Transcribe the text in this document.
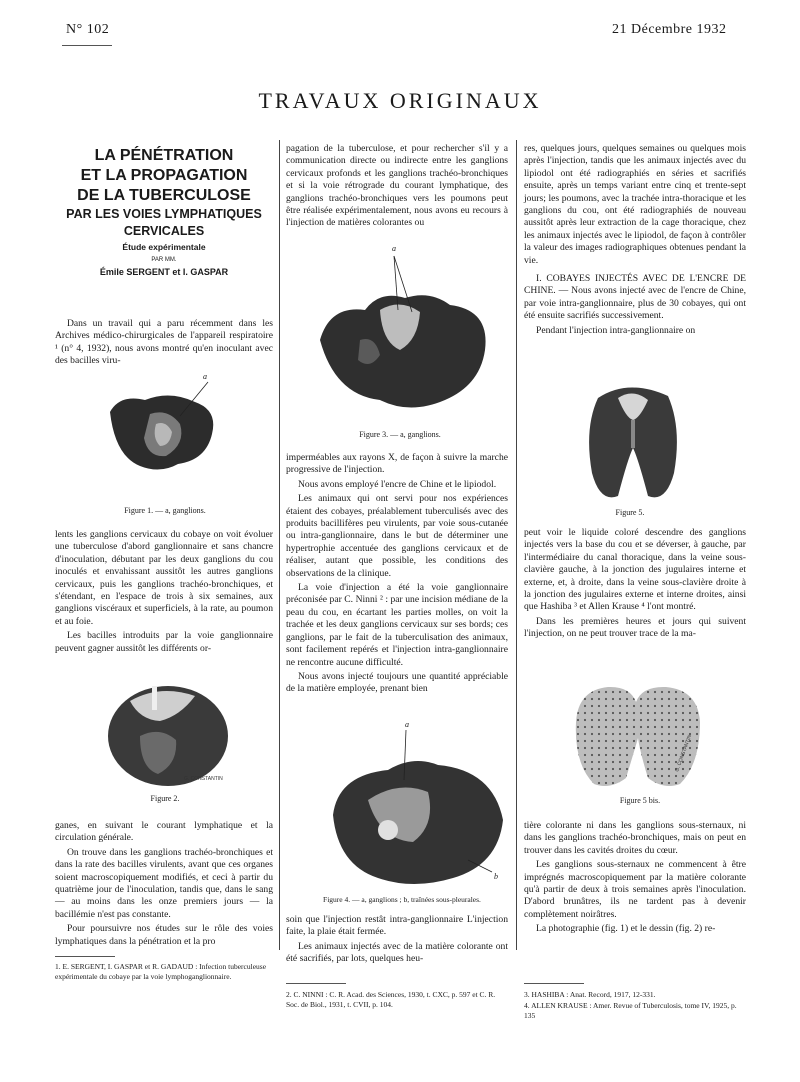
N° 102	21 Décembre 1932
TRAVAUX ORIGINAUX
LA PÉNÉTRATION
ET LA PROPAGATION
DE LA TUBERCULOSE
PAR LES VOIES LYMPHATIQUES
CERVICALES
Étude expérimentale
PAR MM.
Émile SERGENT et I. GASPAR

Dans un travail qui a paru récemment dans les Archives médico-chirurgicales de l'appareil respiratoire ¹ (n° 4, 1932), nous avons montré qu'en inoculant avec des bacilles viru-

a
Figure 1. — a, ganglions.

lents les ganglions cervicaux du cobaye on voit évoluer une tuberculose d'abord ganglionnaire et sans chancre d'inoculation, débutant par les deux ganglions du cou inoculés et envahissant aussitôt les autres ganglions cervicaux, puis les ganglions trachéo-bronchiques, et s'étendant, en l'espace de trois à six semaines, aux ganglions viscéraux et superficiels, à la rate, au poumon et au foie.

Les bacilles introduits par la voie ganglionnaire peuvent gagner aussitôt les différents or-

G. CONSTANTIN
Figure 2.

ganes, en suivant le courant lymphatique et la circulation générale.

On trouve dans les ganglions trachéo-bronchiques et dans la rate des bacilles virulents, avant que ces organes soient macroscopiquement modifiés, et ceci à partir du quatrième jour de l'inoculation, tandis que, dans le sang — au moins dans les onze premiers jours — la bacillémie n'est pas constante.

Pour poursuivre nos études sur le rôle des voies lymphatiques dans la pénétration et la pro

1. E. SERGENT, I. GASPAR et R. GADAUD : Infection tuberculeuse expérimentale du cobaye par la voie lymphoganglionnaire.

pagation de la tuberculose, et pour rechercher s'il y a communication directe ou indirecte entre les ganglions cervicaux profonds et les ganglions trachéo-bronchiques et si la voie rétrograde du courant lymphatique, des ganglions trachéo-bronchiques vers les poumons peut être réalisée expérimentalement, nous avons eu recours à l'injection de matières colorantes ou

a
Figure 3. — a, ganglions.

imperméables aux rayons X, de façon à suivre la marche progressive de l'injection.

Nous avons employé l'encre de Chine et le lipiodol.

Les animaux qui ont servi pour nos expériences étaient des cobayes, préalablement tuberculisés avec des produits bacillifères peu virulents, par voie sous-cutanée ou intra-ganglionnaire, dans le but de déterminer une hypertrophie accentuée des ganglions cervicaux et de réaliser, autant que possible, les conditions des observations de la clinique.

La voie d'injection a été la voie ganglionnaire préconisée par C. Ninni ² : par une incision médiane de la peau du cou, en écartant les parties molles, on voit la trachée et les deux ganglions cervicaux sur ses bords; ces ganglions, par le fait de la tuberculisation des animaux, sont facilement repérés et l'injection intra-ganglionnaire ne rencontre aucune difficulté.

Nous avons injecté toujours une quantité appréciable de la matière employée, prenant bien

a
b
Figure 4. — a, ganglions ; b, traînées sous-pleurales.

soin que l'injection restât intra-ganglionnaire L'injection faite, la plaie était fermée.

Les animaux injectés avec de la matière colorante ont été sacrifiés, par lots, quelques heu-

2. C. NINNI : C. R. Acad. des Sciences, 1930, t. CXC, p. 597 et C. R. Soc. de Biol., 1931, t. CVII, p. 104.

res, quelques jours, quelques semaines ou quelques mois après l'injection, tandis que les animaux injectés avec du lipiodol ont été radiographiés en séries et sacrifiés ensuite, après un temps variant entre cinq et trente-sept jours; les poumons, avec la trachée intra-thoracique et les ganglions du cou, ont été radiographiés de nouveau aussitôt après leur extraction de la cage thoracique, chez les animaux injectés avec le lipiodol, de façon à contrôler la valeur des images radiographiques obtenues pendant la vie.

I. COBAYES INJECTÉS AVEC DE L'ENCRE DE CHINE. — Nous avons injecté avec de l'encre de Chine, par voie intra-ganglionnaire, plus de 30 cobayes, qui ont été ensuite sacrifiés successivement.

Pendant l'injection intra-ganglionnaire on

Figure 5.

peut voir le liquide coloré descendre des ganglions injectés vers la base du cou et se déverser, à gauche, par l'intermédiaire du canal thoracique, dans la veine sous-clavière gauche, à la jonction des jugulaires interne et externe, et, à droite, dans la veine sous-clavière droite à la jonction des jugulaires externe et interne droites, ainsi que Hashiba ³ et Allen Krause ⁴ l'ont montré.

Dans les premières heures et jours qui suivent l'injection, on ne peut trouver trace de la ma-

G. CONSTANTIN
Figure 5 bis.

tière colorante ni dans les ganglions sous-sternaux, ni dans les ganglions trachéo-bronchiques, mais on peut en trouver dans les cavités droites du cœur.

Les ganglions sous-sternaux ne commencent à être imprégnés macroscopiquement par la matière colorante qu'à partir de deux à trois semaines après l'inoculation. D'abord brunâtres, ils ne tardent pas à devenir complètement noirâtres.

La photographie (fig. 1) et le dessin (fig. 2) re-

3. HASHIBA : Anat. Record, 1917, 12-331.
4. ALLEN KRAUSE : Amer. Revue of Tuberculosis, tome IV, 1925, p. 135
